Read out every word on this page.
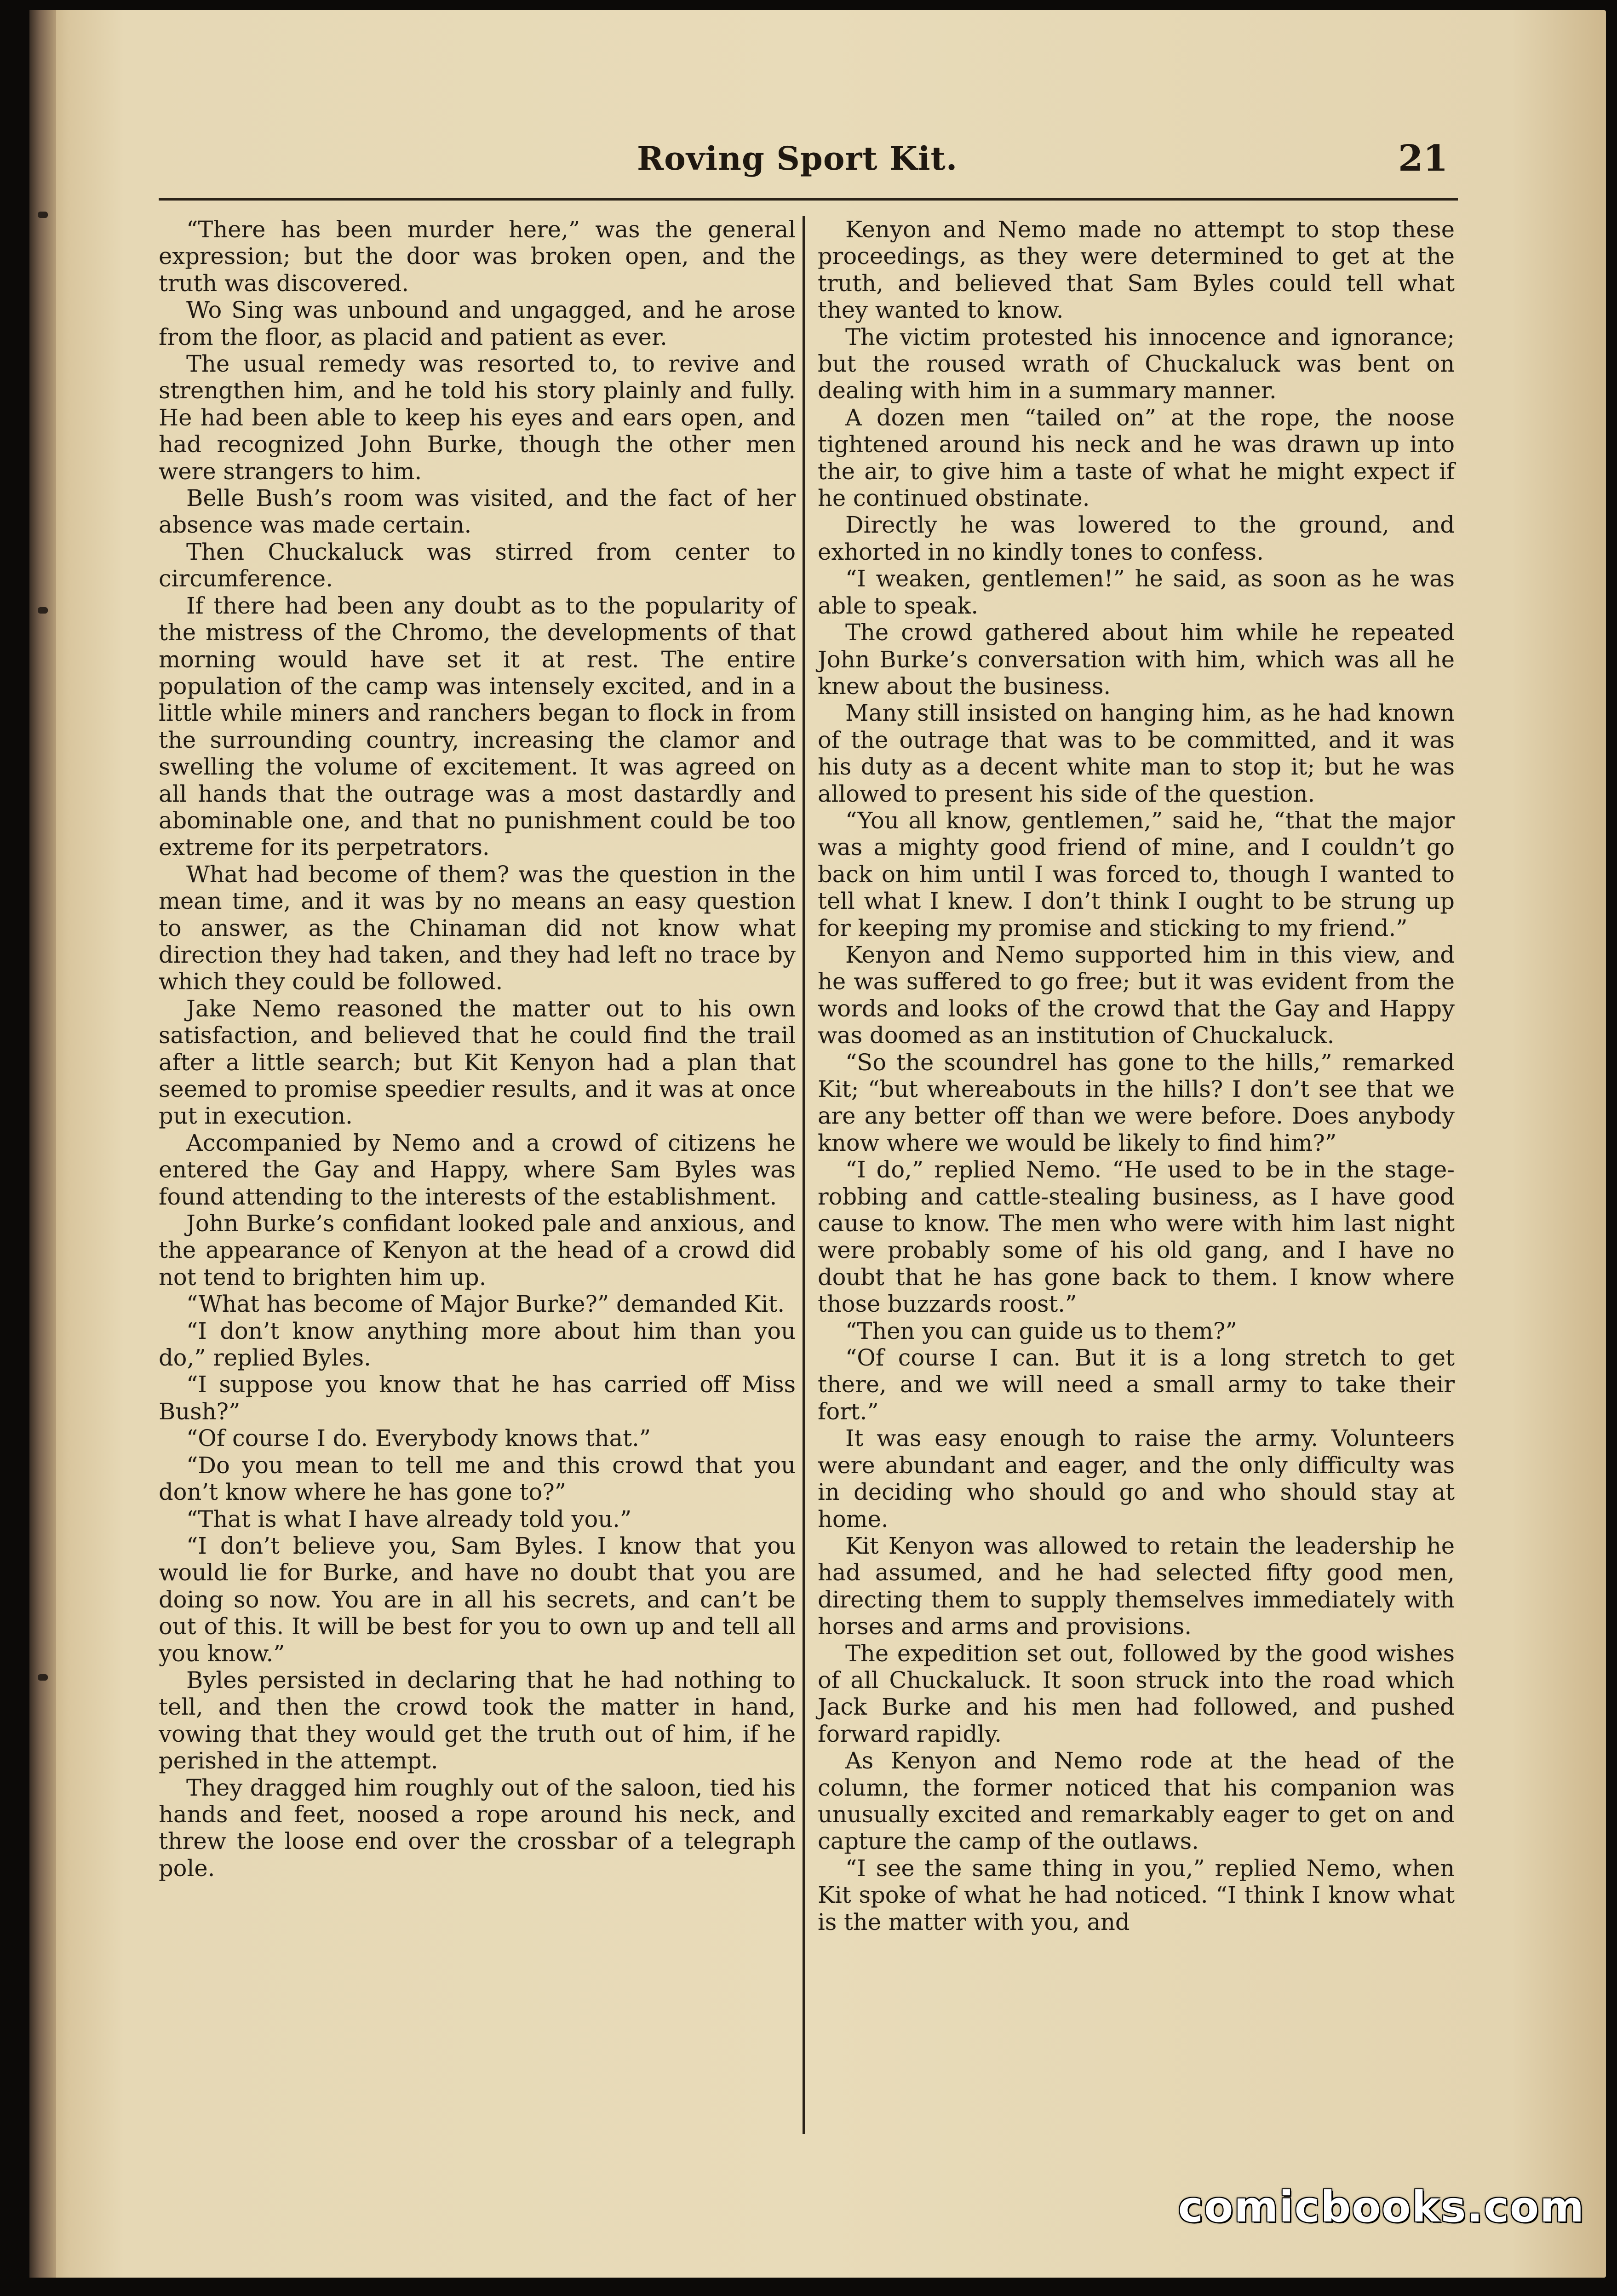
Roving Sport Kit.	21

“There has been murder here,” was the general expression; but the door was broken open, and the truth was discovered.

Wo Sing was unbound and ungagged, and he arose from the floor, as placid and patient as ever.

The usual remedy was resorted to, to revive and strengthen him, and he told his story plainly and fully. He had been able to keep his eyes and ears open, and had recognized John Burke, though the other men were strangers to him.

Belle Bush’s room was visited, and the fact of her absence was made certain.

Then Chuckaluck was stirred from center to circumference.

If there had been any doubt as to the popularity of the mistress of the Chromo, the developments of that morning would have set it at rest. The entire population of the camp was intensely excited, and in a little while miners and ranchers began to flock in from the surrounding country, increasing the clamor and swelling the volume of excitement. It was agreed on all hands that the outrage was a most dastardly and abominable one, and that no punishment could be too extreme for its perpetrators.

What had become of them? was the question in the mean time, and it was by no means an easy question to answer, as the Chinaman did not know what direction they had taken, and they had left no trace by which they could be followed.

Jake Nemo reasoned the matter out to his own satisfaction, and believed that he could find the trail after a little search; but Kit Kenyon had a plan that seemed to promise speedier results, and it was at once put in execution.

Accompanied by Nemo and a crowd of citizens he entered the Gay and Happy, where Sam Byles was found attending to the interests of the establishment.

John Burke’s confidant looked pale and anxious, and the appearance of Kenyon at the head of a crowd did not tend to brighten him up.

“What has become of Major Burke?” demanded Kit.

“I don’t know anything more about him than you do,” replied Byles.

“I suppose you know that he has carried off Miss Bush?”

“Of course I do. Everybody knows that.”

“Do you mean to tell me and this crowd that you don’t know where he has gone to?”

“That is what I have already told you.”

“I don’t believe you, Sam Byles. I know that you would lie for Burke, and have no doubt that you are doing so now. You are in all his secrets, and can’t be out of this. It will be best for you to own up and tell all you know.”

Byles persisted in declaring that he had nothing to tell, and then the crowd took the matter in hand, vowing that they would get the truth out of him, if he perished in the attempt.

They dragged him roughly out of the saloon, tied his hands and feet, noosed a rope around his neck, and threw the loose end over the crossbar of a telegraph pole.

Kenyon and Nemo made no attempt to stop these proceedings, as they were determined to get at the truth, and believed that Sam Byles could tell what they wanted to know.

The victim protested his innocence and ignorance; but the roused wrath of Chuckaluck was bent on dealing with him in a summary manner.

A dozen men “tailed on” at the rope, the noose tightened around his neck and he was drawn up into the air, to give him a taste of what he might expect if he continued obstinate.

Directly he was lowered to the ground, and exhorted in no kindly tones to confess.

“I weaken, gentlemen!” he said, as soon as he was able to speak.

The crowd gathered about him while he repeated John Burke’s conversation with him, which was all he knew about the business.

Many still insisted on hanging him, as he had known of the outrage that was to be committed, and it was his duty as a decent white man to stop it; but he was allowed to present his side of the question.

“You all know, gentlemen,” said he, “that the major was a mighty good friend of mine, and I couldn’t go back on him until I was forced to, though I wanted to tell what I knew. I don’t think I ought to be strung up for keeping my promise and sticking to my friend.”

Kenyon and Nemo supported him in this view, and he was suffered to go free; but it was evident from the words and looks of the crowd that the Gay and Happy was doomed as an institution of Chuckaluck.

“So the scoundrel has gone to the hills,” remarked Kit; “but whereabouts in the hills? I don’t see that we are any better off than we were before. Does anybody know where we would be likely to find him?”

“I do,” replied Nemo. “He used to be in the stage-robbing and cattle-stealing business, as I have good cause to know. The men who were with him last night were probably some of his old gang, and I have no doubt that he has gone back to them. I know where those buzzards roost.”

“Then you can guide us to them?”

“Of course I can. But it is a long stretch to get there, and we will need a small army to take their fort.”

It was easy enough to raise the army. Volunteers were abundant and eager, and the only difficulty was in deciding who should go and who should stay at home.

Kit Kenyon was allowed to retain the leadership he had assumed, and he had selected fifty good men, directing them to supply themselves immediately with horses and arms and provisions.

The expedition set out, followed by the good wishes of all Chuckaluck. It soon struck into the road which Jack Burke and his men had followed, and pushed forward rapidly.

As Kenyon and Nemo rode at the head of the column, the former noticed that his companion was unusually excited and remarkably eager to get on and capture the camp of the outlaws.

“I see the same thing in you,” replied Nemo, when Kit spoke of what he had noticed. “I think I know what is the matter with you, and

comicbooks.com
